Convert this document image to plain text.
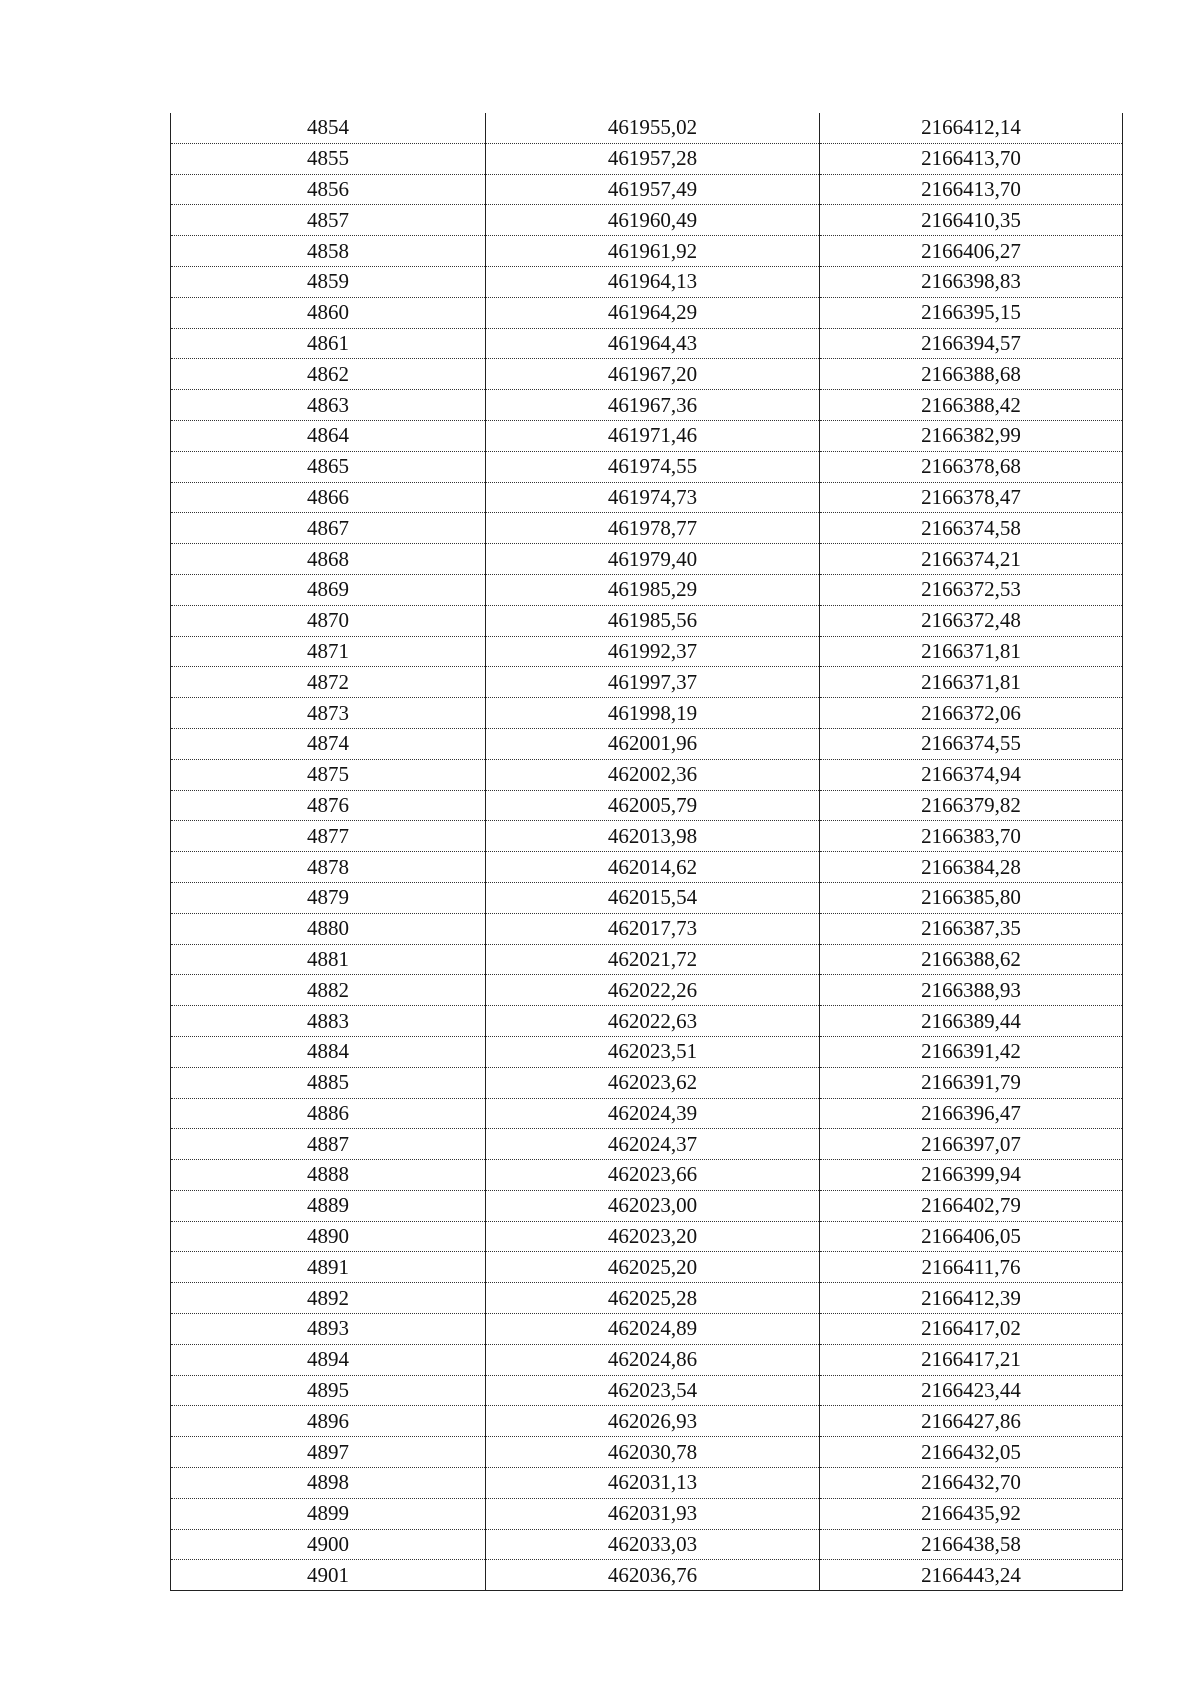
4854	461955,02	2166412,14
4855	461957,28	2166413,70
4856	461957,49	2166413,70
4857	461960,49	2166410,35
4858	461961,92	2166406,27
4859	461964,13	2166398,83
4860	461964,29	2166395,15
4861	461964,43	2166394,57
4862	461967,20	2166388,68
4863	461967,36	2166388,42
4864	461971,46	2166382,99
4865	461974,55	2166378,68
4866	461974,73	2166378,47
4867	461978,77	2166374,58
4868	461979,40	2166374,21
4869	461985,29	2166372,53
4870	461985,56	2166372,48
4871	461992,37	2166371,81
4872	461997,37	2166371,81
4873	461998,19	2166372,06
4874	462001,96	2166374,55
4875	462002,36	2166374,94
4876	462005,79	2166379,82
4877	462013,98	2166383,70
4878	462014,62	2166384,28
4879	462015,54	2166385,80
4880	462017,73	2166387,35
4881	462021,72	2166388,62
4882	462022,26	2166388,93
4883	462022,63	2166389,44
4884	462023,51	2166391,42
4885	462023,62	2166391,79
4886	462024,39	2166396,47
4887	462024,37	2166397,07
4888	462023,66	2166399,94
4889	462023,00	2166402,79
4890	462023,20	2166406,05
4891	462025,20	2166411,76
4892	462025,28	2166412,39
4893	462024,89	2166417,02
4894	462024,86	2166417,21
4895	462023,54	2166423,44
4896	462026,93	2166427,86
4897	462030,78	2166432,05
4898	462031,13	2166432,70
4899	462031,93	2166435,92
4900	462033,03	2166438,58
4901	462036,76	2166443,24
